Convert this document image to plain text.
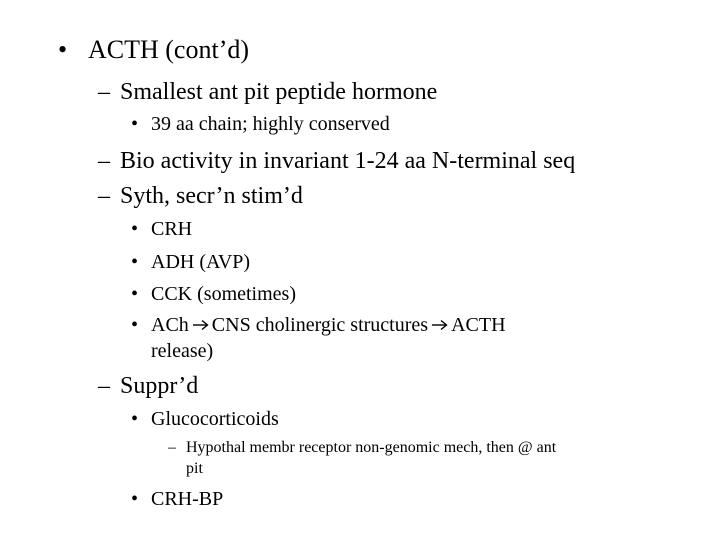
• ACTH (cont’d)
– Smallest ant pit peptide hormone
• 39 aa chain; highly conserved
– Bio activity in invariant 1-24 aa N-terminal seq
– Syth, secr’n stim’d
• CRH
• ADH (AVP)
• CCK (sometimes)
• ACh CNS cholinergic structures ACTH
release)
– Suppr’d
• Glucocorticoids
– Hypothal membr receptor non-genomic mech, then @ ant
pit
• CRH-BP
